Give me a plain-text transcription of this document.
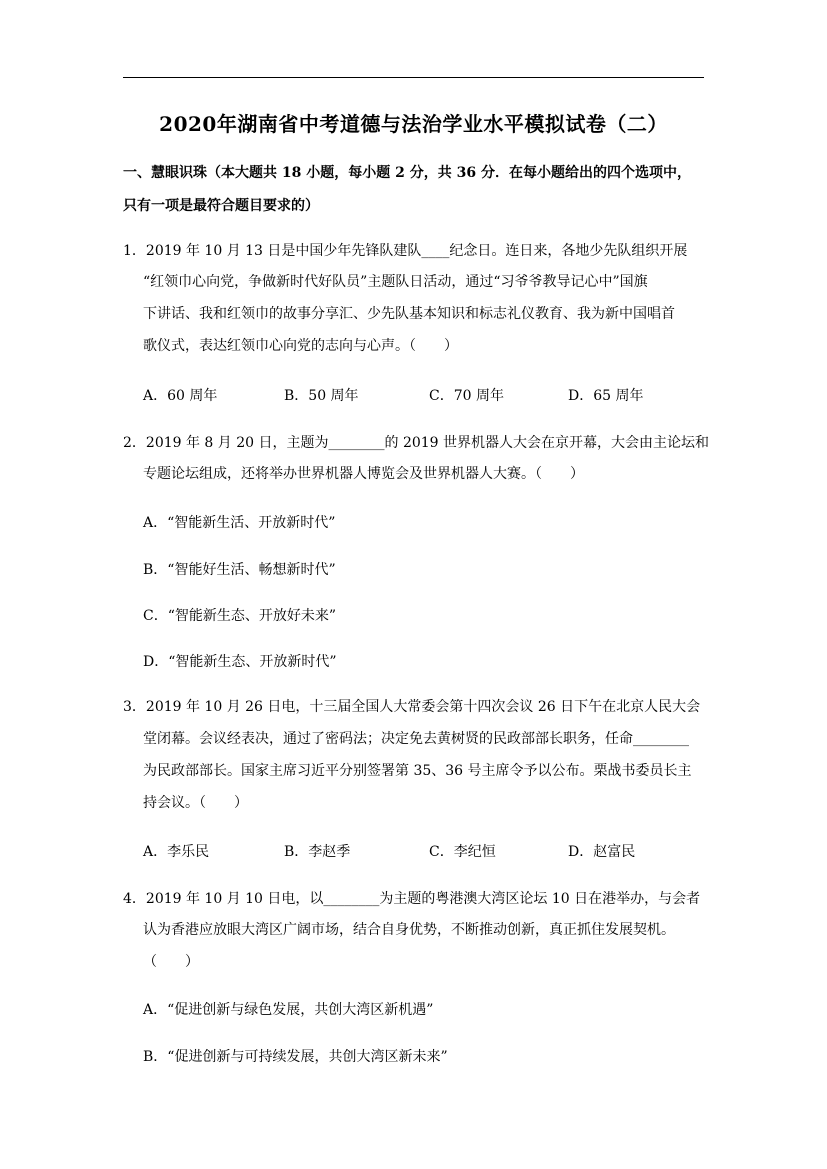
2020年湖南省中考道德与法治学业水平模拟试卷（二）
一、慧眼识珠（本大题共 18 小题，每小题 2 分，共 36 分．在每小题给出的四个选项中，
只有一项是最符合题目要求的）
1．2019 年 10 月 13 日是中国少年先锋队建队____纪念日。连日来，各地少先队组织开展
“红领巾心向党，争做新时代好队员”主题队日活动，通过“习爷爷教导记心中”国旗
下讲话、我和红领巾的故事分享汇、少先队基本知识和标志礼仪教育、我为新中国唱首
歌仪式，表达红领巾心向党的志向与心声。（　　）
A．60 周年	B．50 周年	C．70 周年	D．65 周年
2．2019 年 8 月 20 日，主题为________的 2019 世界机器人大会在京开幕，大会由主论坛和
专题论坛组成，还将举办世界机器人博览会及世界机器人大赛。（　　）
A．“智能新生活、开放新时代”
B．“智能好生活、畅想新时代”
C．“智能新生态、开放好未来”
D．“智能新生态、开放新时代”
3．2019 年 10 月 26 日电，十三届全国人大常委会第十四次会议 26 日下午在北京人民大会
堂闭幕。会议经表决，通过了密码法；决定免去黄树贤的民政部部长职务，任命________
为民政部部长。国家主席习近平分别签署第 35、36 号主席令予以公布。栗战书委员长主
持会议。（　　）
A．李乐民	B．李赵季	C．李纪恒	D．赵富民
4．2019 年 10 月 10 日电，以________为主题的粤港澳大湾区论坛 10 日在港举办，与会者
认为香港应放眼大湾区广阔市场，结合自身优势，不断推动创新，真正抓住发展契机。
（　　）
A．“促进创新与绿色发展，共创大湾区新机遇”
B．“促进创新与可持续发展，共创大湾区新未来”
